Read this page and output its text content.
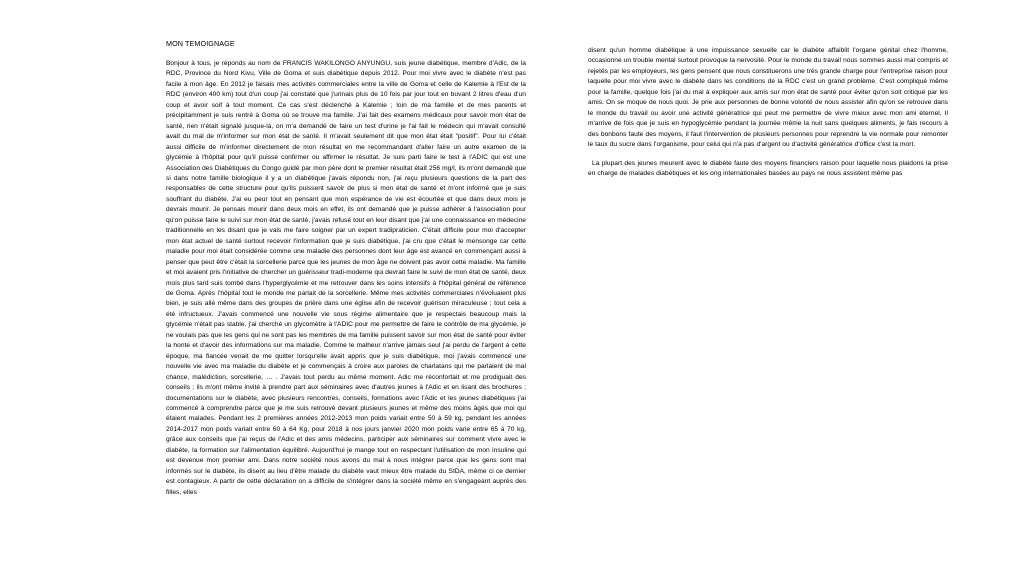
MON TEMOIGNAGE

Bonjour à tous, je réponds au nom de FRANCIS WAKILONGO ANYUNGU, suis jeune diabétique, membre d'Adic, de la RDC, Province du Nord Kivu, Ville de Goma et suis diabétique depuis 2012. Pour moi vivre avec le diabète n'est pas facile à mon âge. En 2012 je faisais mes activités commerciales entre la ville de Goma et celle de Kalemie à l'Est de la RDC (environ 400 km) tout d'un coup j'ai constaté que j'urinais plus de 10 fois par jour tout en buvant 2 litres d'eau d'un coup et avoir soif à tout moment. Ce cas s'est déclenché à Kalemie ; loin de ma famille et de mes parents et précipitamment je suis rentré à Goma où se trouve ma famille. J'ai fait des examens médicaux pour savoir mon état de santé, rien n'était signalé jusque-là, on m'a demandé de faire un test d'urine je l'ai fait le médecin qui m'avait consulté avait du mal de m'informer sur mon état de santé. Il m'avait seulement dit que mon état était "positif". Pour lui c'était aussi difficile de m'informer directement de mon résultat en me recommandant d'aller faire un autre examen de la glycémie à l'hôpital pour qu'il puisse confirmer ou affirmer le résultat. Je suis parti faire le test à l'ADIC qui est une Association des Diabétiques du Congo guidé par mon père dont le premier résultat était 256 mg/l, ils m'ont demandé que si dans notre famille biologique il y a un diabétique j'avais répondu non, j'ai reçu plusieurs questions de la part des responsables de cette structure pour qu'ils puissent savoir de plus si mon état de santé et m'ont informé que je suis souffrant du diabète. J'ai eu peur tout en pensant que mon espérance de vie est écourtée et que dans deux mois je devrais mourir. Je pensais mourir dans deux mois en effet, ils ont demandé que je puisse adhérer à l'association pour qu'on puisse faire le suivi sur mon état de santé, j'avais refusé tout en leur disant que j'ai une connaissance en médecine traditionnelle en les disant que je vais me faire soigner par un expert tradipraticien. C'était difficile pour moi d'accepter mon état actuel de santé surtout recevoir l'information que je suis diabétique, j'ai cru que c'était le mensonge car cette maladie pour moi était considérée comme une maladie des personnes dont leur âge est avancé en commençant aussi à penser que peut être c'était la sorcellerie parce que les jeunes de mon âge ne doivent pas avoir cette maladie. Ma famille et moi avaient pris l'initiative de chercher un guérisseur tradi-moderne qui devrait faire le suivi de mon état de santé, deux mois plus tard suis tombé dans l'hyperglycémie et me retrouver dans les soins intensifs à l'hôpital général de référence de Goma. Après l'hôpital tout le monde me parlait de la sorcellerie. Même mes activités commerciales n'évoluaient plus bien, je suis allé même dans des groupes de prière dans une église afin de recevoir guérison miraculeuse ; tout cela a été infructueux. J'avais commencé une nouvelle vie sous régime alimentaire que je respectais beaucoup mais la glycémie n'était pas stable, j'ai cherché un glycomètre à l'ADIC pour me permettre de faire le contrôle de ma glycémie, je ne voulais pas que les gens qui ne sont pas les membres de ma famille puissent savoir sur mon état de santé pour éviter la honte et d'avoir des informations sur ma maladie. Comme le malheur n'arrive jamais seul j'ai perdu de l'argent à cette époque, ma fiancée venait de me quitter lorsqu'elle avait appris que je suis diabétique, moi j'avais commencé une nouvelle vie avec ma maladie du diabète et je commençais à croire aux paroles de charlatans qui me parlaient de mal chance, malédiction, sorcellerie, … . J'avais tout perdu au même moment. Adic me réconfortait et me prodiguait des conseils ; ils m'ont même invité à prendre part aux séminaires avec d'autres jeunes à l'Adic et en lisant des brochures ; documentations sur le diabète, avec plusieurs rencontres, conseils, formations avec l'Adic et les jeunes diabétiques j'ai commencé à comprendre parce que je me suis retrouvé devant plusieurs jeunes et même des moins âgés que moi qui étaient malades. Pendant les 2 premières années 2012-2013 mon poids variait entre 50 à 59 kg, pendant les années 2014-2017 mon poids variait entre 60 à 64 Kg, pour 2018 à nos jours janvier 2020 mon poids varie entre 65 à 70 kg, grâce aux conseils que j'ai reçus de l'Adic et des amis médecins, participer aux séminaires sur comment vivre avec le diabète, la formation sur l'alimentation équilibré. Aujourd'hui je mange tout en respectant l'utilisation de mon insuline qui est devenue mon premier ami. Dans notre société nous avons du mal à nous intégrer parce que les gens sont mal informés sur le diabète, ils disent au lieu d'être malade du diabète vaut mieux être malade du SIDA, même ci ce dernier est contagieux. A partir de cette déclaration on a difficile de s'intégrer dans la société même en s'engageant auprès des filles, elles

disent qu'un homme diabétique à une impuissance sexuelle car le diabète affaiblit l'organe génital chez l'homme, occasionne un trouble mental surtout provoque la nervosité. Pour le monde du travail nous sommes aussi mal compris et rejetés par les employeurs, les gens pensent que nous constituerons une très grande charge pour l'entreprise raison pour laquelle pour moi vivre avec le diabète dans les conditions de la RDC c'est un grand problème. C'est compliqué même pour la famille, quelque fois j'ai du mal à expliquer aux amis sur mon état de santé pour éviter qu'on soit critiqué par les amis. On se moque de nous quoi. Je prie aux personnes de bonne volonté de nous assister afin qu'on se retrouve dans le monde du travail ou avoir une activité génératrice qui peut me permettre de vivre mieux avec mon ami éternel. Il m'arrive de fois que je suis en hypoglycémie pendant la journée même la nuit sans quelques aliments, je fais recours à des bonbons faute des moyens, il faut l'intervention de plusieurs personnes pour reprendre la vie normale pour remonter le taux du sucre dans l'organisme, pour celui qui n'a pas d'argent ou d'activité génératrice d'office c'est la mort.

La plupart des jeunes meurent avec le diabète faute des moyens financiers raison pour laquelle nous plaidons la prise en charge de malades diabétiques et les ong internationales basées au pays ne nous assistent même pas
